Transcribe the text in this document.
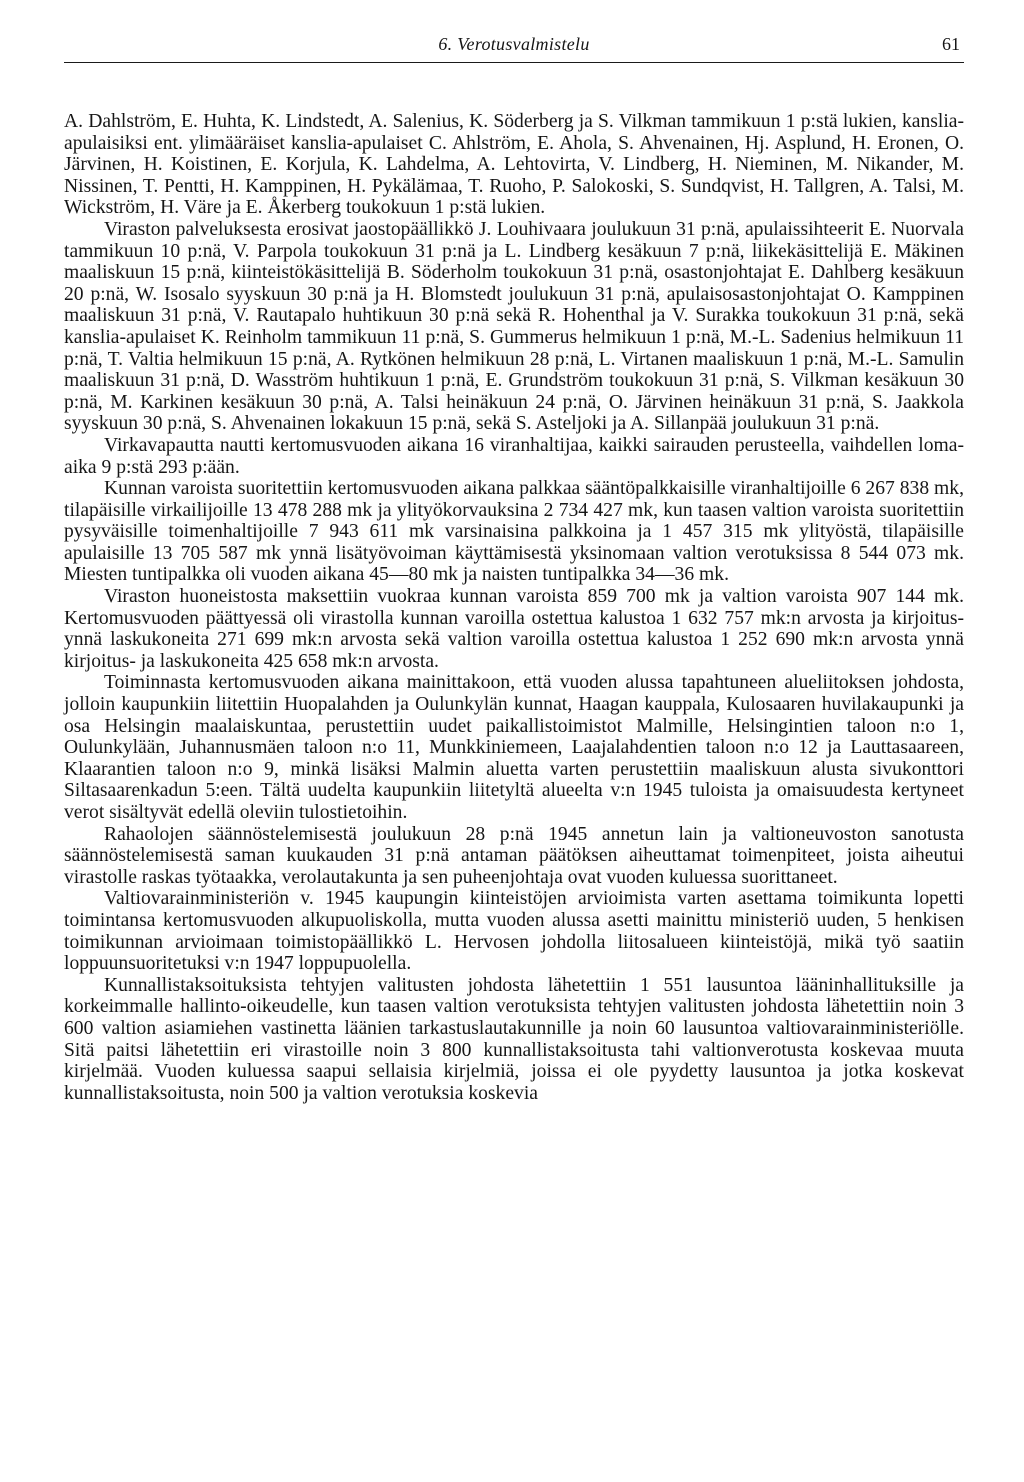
6. Verotusvalmistelu	61

A. Dahlström, E. Huhta, K. Lindstedt, A. Salenius, K. Söderberg ja S. Vilkman tammikuun 1 p:stä lukien, kanslia-apulaisiksi ent. ylimääräiset kanslia-apulaiset C. Ahlström, E. Ahola, S. Ahvenainen, Hj. Asplund, H. Eronen, O. Järvinen, H. Koistinen, E. Korjula, K. Lahdelma, A. Lehtovirta, V. Lindberg, H. Nieminen, M. Nikander, M. Nissinen, T. Pentti, H. Kamppinen, H. Pykälämaa, T. Ruoho, P. Salokoski, S. Sundqvist, H. Tallgren, A. Talsi, M. Wickström, H. Väre ja E. Åkerberg toukokuun 1 p:stä lukien.

Viraston palveluksesta erosivat jaostopäällikkö J. Louhivaara joulukuun 31 p:nä, apulaissihteerit E. Nuorvala tammikuun 10 p:nä, V. Parpola toukokuun 31 p:nä ja L. Lindberg kesäkuun 7 p:nä, liikekäsittelijä E. Mäkinen maaliskuun 15 p:nä, kiinteistökäsittelijä B. Söderholm toukokuun 31 p:nä, osastonjohtajat E. Dahlberg kesäkuun 20 p:nä, W. Isosalo syyskuun 30 p:nä ja H. Blomstedt joulukuun 31 p:nä, apulaisosastonjohtajat O. Kamppinen maaliskuun 31 p:nä, V. Rautapalo huhtikuun 30 p:nä sekä R. Hohenthal ja V. Surakka toukokuun 31 p:nä, sekä kanslia-apulaiset K. Reinholm tammikuun 11 p:nä, S. Gummerus helmikuun 1 p:nä, M.-L. Sadenius helmikuun 11 p:nä, T. Valtia helmikuun 15 p:nä, A. Rytkönen helmikuun 28 p:nä, L. Virtanen maaliskuun 1 p:nä, M.-L. Samulin maaliskuun 31 p:nä, D. Wasström huhtikuun 1 p:nä, E. Grundström toukokuun 31 p:nä, S. Vilkman kesäkuun 30 p:nä, M. Karkinen kesäkuun 30 p:nä, A. Talsi heinäkuun 24 p:nä, O. Järvinen heinäkuun 31 p:nä, S. Jaakkola syyskuun 30 p:nä, S. Ahvenainen lokakuun 15 p:nä, sekä S. Asteljoki ja A. Sillanpää joulukuun 31 p:nä.

Virkavapautta nautti kertomusvuoden aikana 16 viranhaltijaa, kaikki sairauden perusteella, vaihdellen loma-aika 9 p:stä 293 p:ään.

Kunnan varoista suoritettiin kertomusvuoden aikana palkkaa sääntöpalkkaisille viranhaltijoille 6 267 838 mk, tilapäisille virkailijoille 13 478 288 mk ja ylityökorvauksina 2 734 427 mk, kun taasen valtion varoista suoritettiin pysyväisille toimenhaltijoille 7 943 611 mk varsinaisina palkkoina ja 1 457 315 mk ylityöstä, tilapäisille apulaisille 13 705 587 mk ynnä lisätyövoiman käyttämisestä yksinomaan valtion verotuksissa 8 544 073 mk. Miesten tuntipalkka oli vuoden aikana 45—80 mk ja naisten tuntipalkka 34—36 mk.

Viraston huoneistosta maksettiin vuokraa kunnan varoista 859 700 mk ja valtion varoista 907 144 mk. Kertomusvuoden päättyessä oli virastolla kunnan varoilla ostettua kalustoa 1 632 757 mk:n arvosta ja kirjoitus- ynnä laskukoneita 271 699 mk:n arvosta sekä valtion varoilla ostettua kalustoa 1 252 690 mk:n arvosta ynnä kirjoitus- ja laskukoneita 425 658 mk:n arvosta.

Toiminnasta kertomusvuoden aikana mainittakoon, että vuoden alussa tapahtuneen alueliitoksen johdosta, jolloin kaupunkiin liitettiin Huopalahden ja Oulunkylän kunnat, Haagan kauppala, Kulosaaren huvilakaupunki ja osa Helsingin maalaiskuntaa, perustettiin uudet paikallistoimistot Malmille, Helsingintien taloon n:o 1, Oulunkylään, Juhannusmäen taloon n:o 11, Munkkiniemeen, Laajalahdentien taloon n:o 12 ja Lauttasaareen, Klaarantien taloon n:o 9, minkä lisäksi Malmin aluetta varten perustettiin maaliskuun alusta sivukonttori Siltasaarenkadun 5:een. Tältä uudelta kaupunkiin liitetyltä alueelta v:n 1945 tuloista ja omaisuudesta kertyneet verot sisältyvät edellä oleviin tulostietoihin.

Rahaolojen säännöstelemisestä joulukuun 28 p:nä 1945 annetun lain ja valtioneuvoston sanotusta säännöstelemisestä saman kuukauden 31 p:nä antaman päätöksen aiheuttamat toimenpiteet, joista aiheutui virastolle raskas työtaakka, verolautakunta ja sen puheenjohtaja ovat vuoden kuluessa suorittaneet.

Valtiovarainministeriön v. 1945 kaupungin kiinteistöjen arvioimista varten asettama toimikunta lopetti toimintansa kertomusvuoden alkupuoliskolla, mutta vuoden alussa asetti mainittu ministeriö uuden, 5 henkisen toimikunnan arvioimaan toimistopäällikkö L. Hervosen johdolla liitosalueen kiinteistöjä, mikä työ saatiin loppuunsuoritetuksi v:n 1947 loppupuolella.

Kunnallistaksoituksista tehtyjen valitusten johdosta lähetettiin 1 551 lausuntoa lääninhallituksille ja korkeimmalle hallinto-oikeudelle, kun taasen valtion verotuksista tehtyjen valitusten johdosta lähetettiin noin 3 600 valtion asiamiehen vastinetta läänien tarkastuslautakunnille ja noin 60 lausuntoa valtiovarainministeriölle. Sitä paitsi lähetettiin eri virastoille noin 3 800 kunnallistaksoitusta tahi valtionverotusta koskevaa muuta kirjelmää. Vuoden kuluessa saapui sellaisia kirjelmiä, joissa ei ole pyydetty lausuntoa ja jotka koskevat kunnallistaksoitusta, noin 500 ja valtion verotuksia koskevia
